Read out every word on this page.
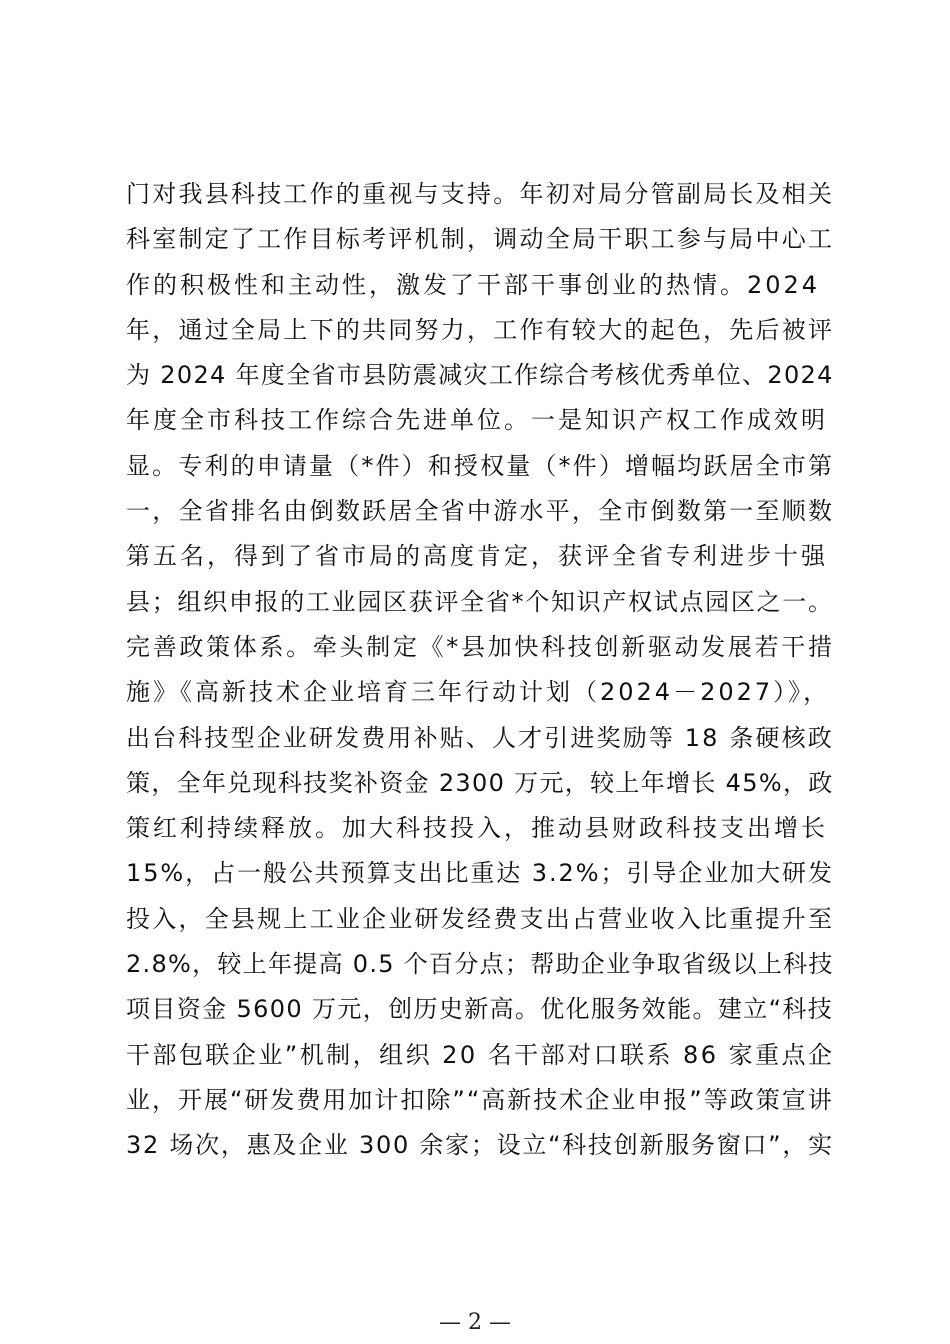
门对我县科技工作的重视与支持。年初对局分管副局长及相关
科室制定了工作目标考评机制，调动全局干职工参与局中心工
作的积极性和主动性，激发了干部干事创业的热情。2024
年，通过全局上下的共同努力，工作有较大的起色，先后被评
为 2024 年度全省市县防震减灾工作综合考核优秀单位、2024
年度全市科技工作综合先进单位。一是知识产权工作成效明
显。专利的申请量（*件）和授权量（*件）增幅均跃居全市第
一，全省排名由倒数跃居全省中游水平，全市倒数第一至顺数
第五名，得到了省市局的高度肯定，获评全省专利进步十强
县；组织申报的工业园区获评全省*个知识产权试点园区之一。
完善政策体系。牵头制定《*县加快科技创新驱动发展若干措
施》《高新技术企业培育三年行动计划（2024－2027）》，
出台科技型企业研发费用补贴、人才引进奖励等 18 条硬核政
策，全年兑现科技奖补资金 2300 万元，较上年增长 45%，政
策红利持续释放。加大科技投入，推动县财政科技支出增长
15%，占一般公共预算支出比重达 3.2%；引导企业加大研发
投入，全县规上工业企业研发经费支出占营业收入比重提升至
2.8%，较上年提高 0.5 个百分点；帮助企业争取省级以上科技
项目资金 5600 万元，创历史新高。优化服务效能。建立“科技
干部包联企业”机制，组织 20 名干部对口联系 86 家重点企
业，开展“研发费用加计扣除”“高新技术企业申报”等政策宣讲
32 场次，惠及企业 300 余家；设立“科技创新服务窗口”，实
— 2 —
